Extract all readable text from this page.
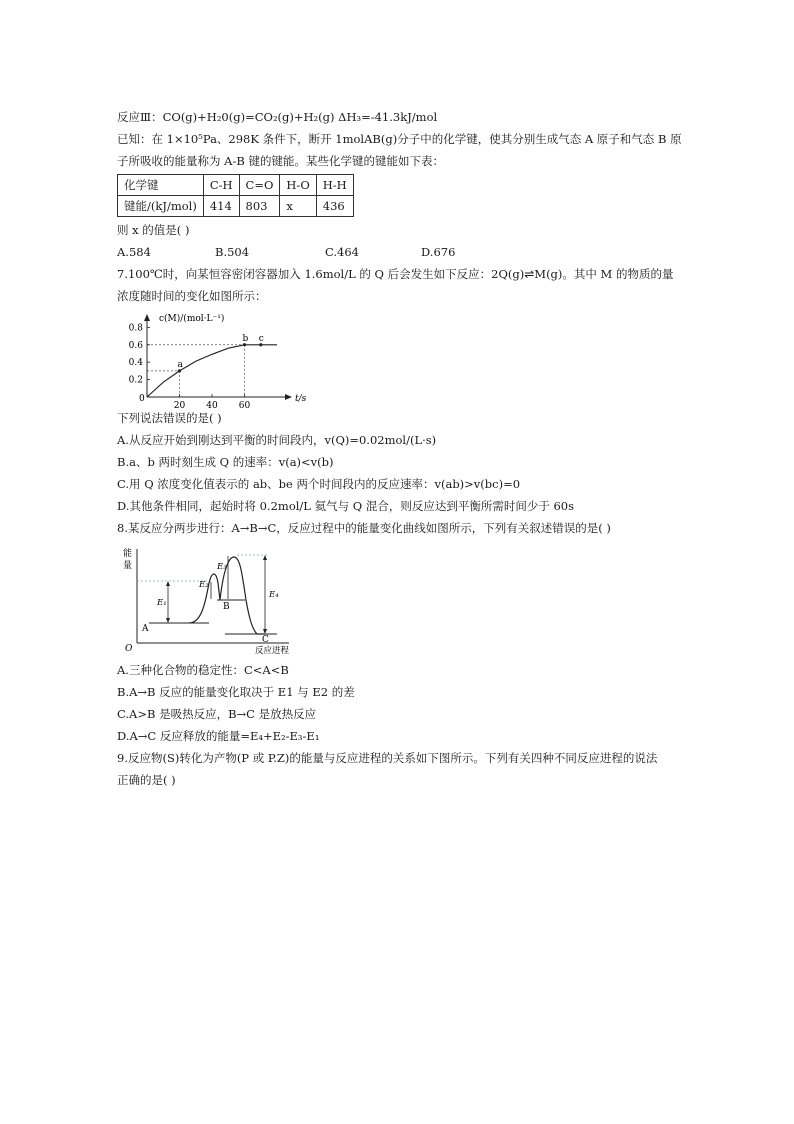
反应Ⅲ：CO(g)+H₂0(g)=CO₂(g)+H₂(g) ΔH₃=-41.3kJ/mol
已知：在 1×10⁵Pa、298K 条件下，断开 1molAB(g)分子中的化学键，使其分别生成气态 A 原子和气态 B 原
子所吸收的能量称为 A-B 键的键能。某些化学键的键能如下表：
化学键	C-H	C=O	H-O	H-H
键能/(kJ/mol)	414	803	x	436
则 x 的值是( )
A.584	B.504	C.464	D.676
7.100℃时，向某恒容密闭容器加入 1.6mol/L 的 Q 后会发生如下反应：2Q(g)⇌M(g)。其中 M 的物质的量
浓度随时间的变化如图所示：
c(M)/(mol·L⁻¹)
t/s
0
0.2
0.4
0.6
0.8
20 40 60
a
b c
下列说法错误的是( )
A.从反应开始到刚达到平衡的时间段内，v(Q)=0.02mol/(L·s)
B.a、b 两时刻生成 Q 的速率：v(a)<v(b)
C.用 Q 浓度变化值表示的 ab、be 两个时间段内的反应速率：v(ab)>v(bc)=0
D.其他条件相同，起始时将 0.2mol/L 氦气与 Q 混合，则反应达到平衡所需时间少于 60s
8.某反应分两步进行：A→B→C，反应过程中的能量变化曲线如图所示，下列有关叙述错误的是( )
能
量
O	反应进程
E₁
E₂
E₃
E₄
A
B
C
A.三种化合物的稳定性：C<A<B
B.A→B 反应的能量变化取决于 E1 与 E2 的差
C.A>B 是吸热反应，B→C 是放热反应
D.A→C 反应释放的能量=E₄+E₂-E₃-E₁
9.反应物(S)转化为产物(P 或 P.Z)的能量与反应进程的关系如下图所示。下列有关四种不同反应进程的说法
正确的是( )
